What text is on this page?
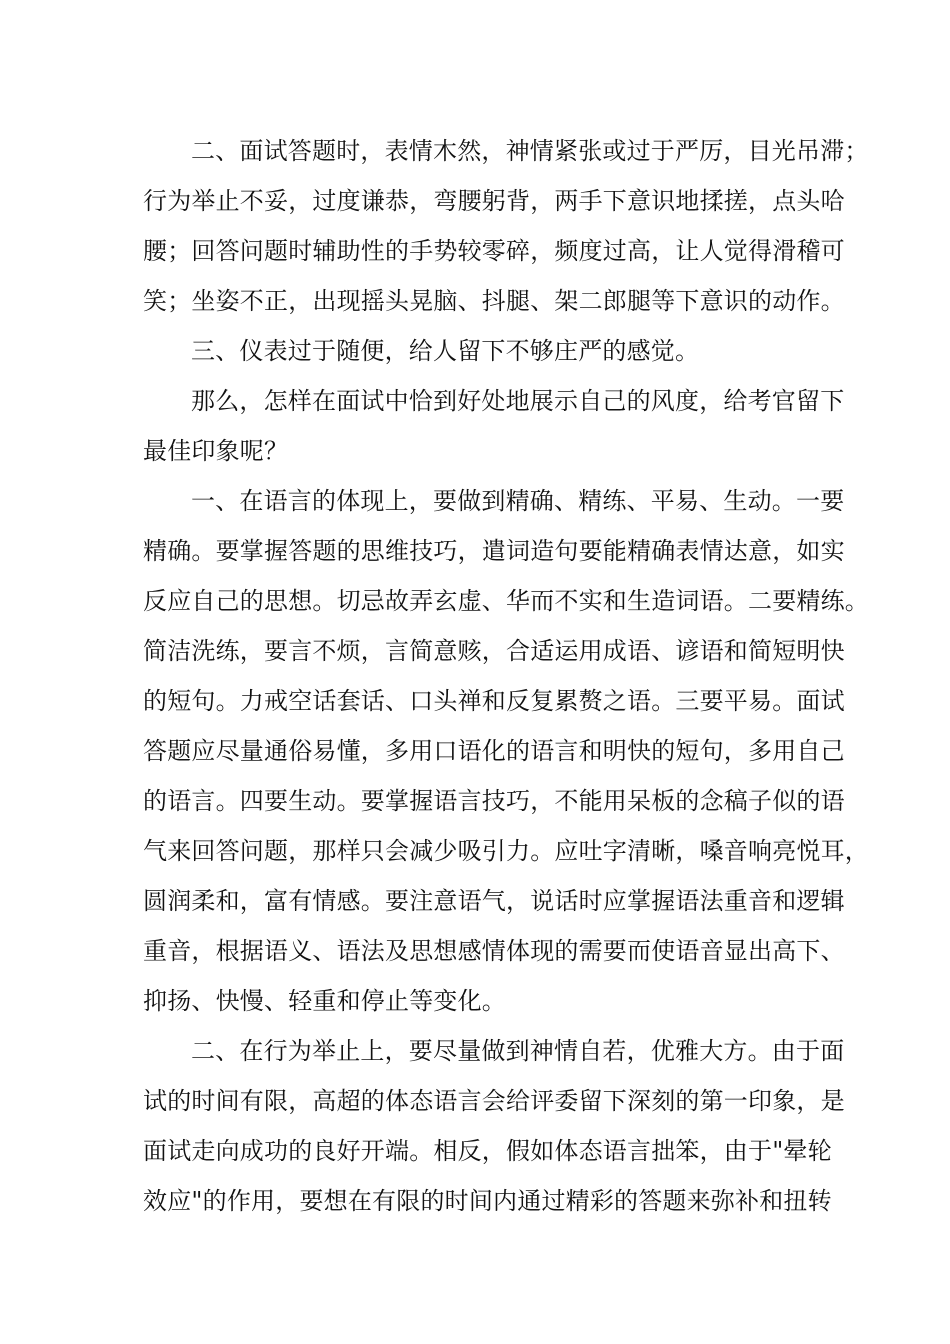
二、面试答题时，表情木然，神情紧张或过于严厉，目光吊滞；
行为举止不妥，过度谦恭，弯腰躬背，两手下意识地揉搓，点头哈
腰；回答问题时辅助性的手势较零碎，频度过高，让人觉得滑稽可
笑；坐姿不正，出现摇头晃脑、抖腿、架二郎腿等下意识的动作。
三、仪表过于随便，给人留下不够庄严的感觉。
那么，怎样在面试中恰到好处地展示自己的风度，给考官留下
最佳印象呢？
一、在语言的体现上，要做到精确、精练、平易、生动。一要
精确。要掌握答题的思维技巧，遣词造句要能精确表情达意，如实
反应自己的思想。切忌故弄玄虚、华而不实和生造词语。二要精练。
简洁洗练，要言不烦，言简意赅，合适运用成语、谚语和简短明快
的短句。力戒空话套话、口头禅和反复累赘之语。三要平易。面试
答题应尽量通俗易懂，多用口语化的语言和明快的短句，多用自己
的语言。四要生动。要掌握语言技巧，不能用呆板的念稿子似的语
气来回答问题，那样只会减少吸引力。应吐字清晰，嗓音响亮悦耳，
圆润柔和，富有情感。要注意语气，说话时应掌握语法重音和逻辑
重音，根据语义、语法及思想感情体现的需要而使语音显出高下、
抑扬、快慢、轻重和停止等变化。
二、在行为举止上，要尽量做到神情自若，优雅大方。由于面
试的时间有限，高超的体态语言会给评委留下深刻的第一印象，是
面试走向成功的良好开端。相反，假如体态语言拙笨，由于"晕轮
效应"的作用，要想在有限的时间内通过精彩的答题来弥补和扭转
